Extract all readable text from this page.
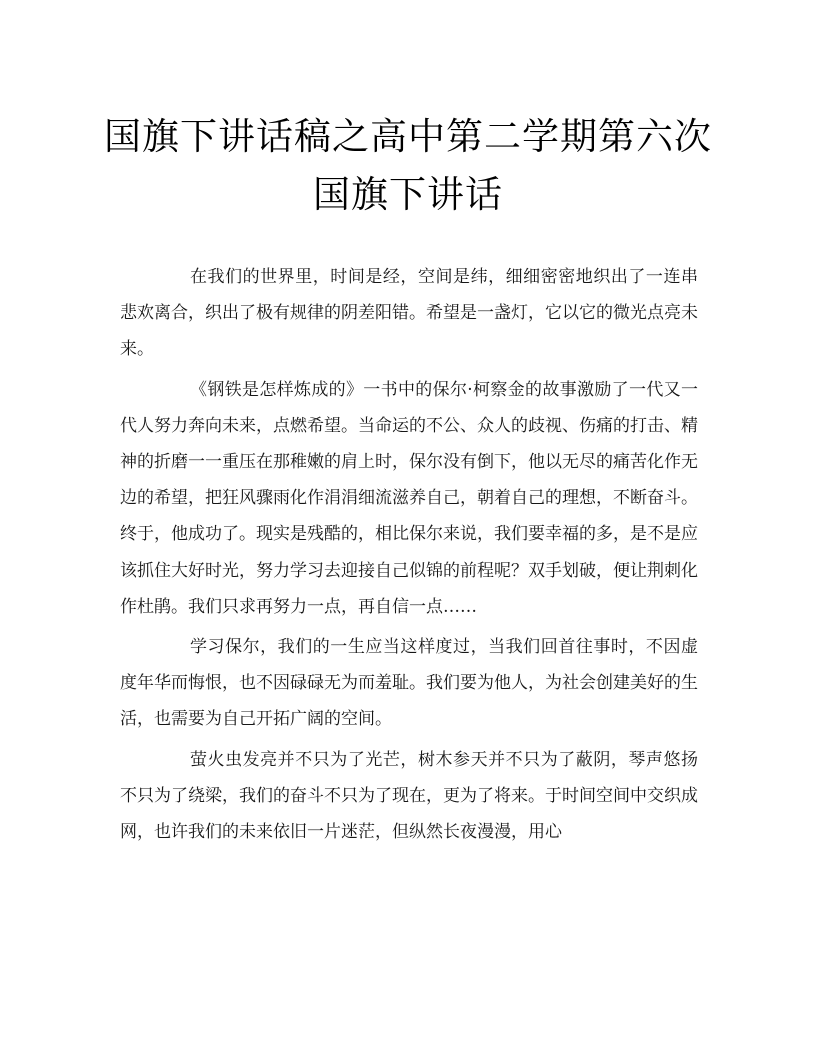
国旗下讲话稿之高中第二学期第六次
国旗下讲话

在我们的世界里，时间是经，空间是纬，细细密密地织出了一连串悲欢离合，织出了极有规律的阴差阳错。希望是一盏灯，它以它的微光点亮未来。

《钢铁是怎样炼成的》一书中的保尔·柯察金的故事激励了一代又一代人努力奔向未来，点燃希望。当命运的不公、众人的歧视、伤痛的打击、精神的折磨一一重压在那稚嫩的肩上时，保尔没有倒下，他以无尽的痛苦化作无边的希望，把狂风骤雨化作涓涓细流滋养自己，朝着自己的理想，不断奋斗。终于，他成功了。现实是残酷的，相比保尔来说，我们要幸福的多，是不是应该抓住大好时光，努力学习去迎接自己似锦的前程呢？双手划破，便让荆刺化作杜鹃。我们只求再努力一点，再自信一点……

学习保尔，我们的一生应当这样度过，当我们回首往事时，不因虚度年华而悔恨，也不因碌碌无为而羞耻。我们要为他人，为社会创建美好的生活，也需要为自己开拓广阔的空间。

萤火虫发亮并不只为了光芒，树木参天并不只为了蔽阴，琴声悠扬不只为了绕梁，我们的奋斗不只为了现在，更为了将来。于时间空间中交织成网，也许我们的未来依旧一片迷茫，但纵然长夜漫漫，用心
